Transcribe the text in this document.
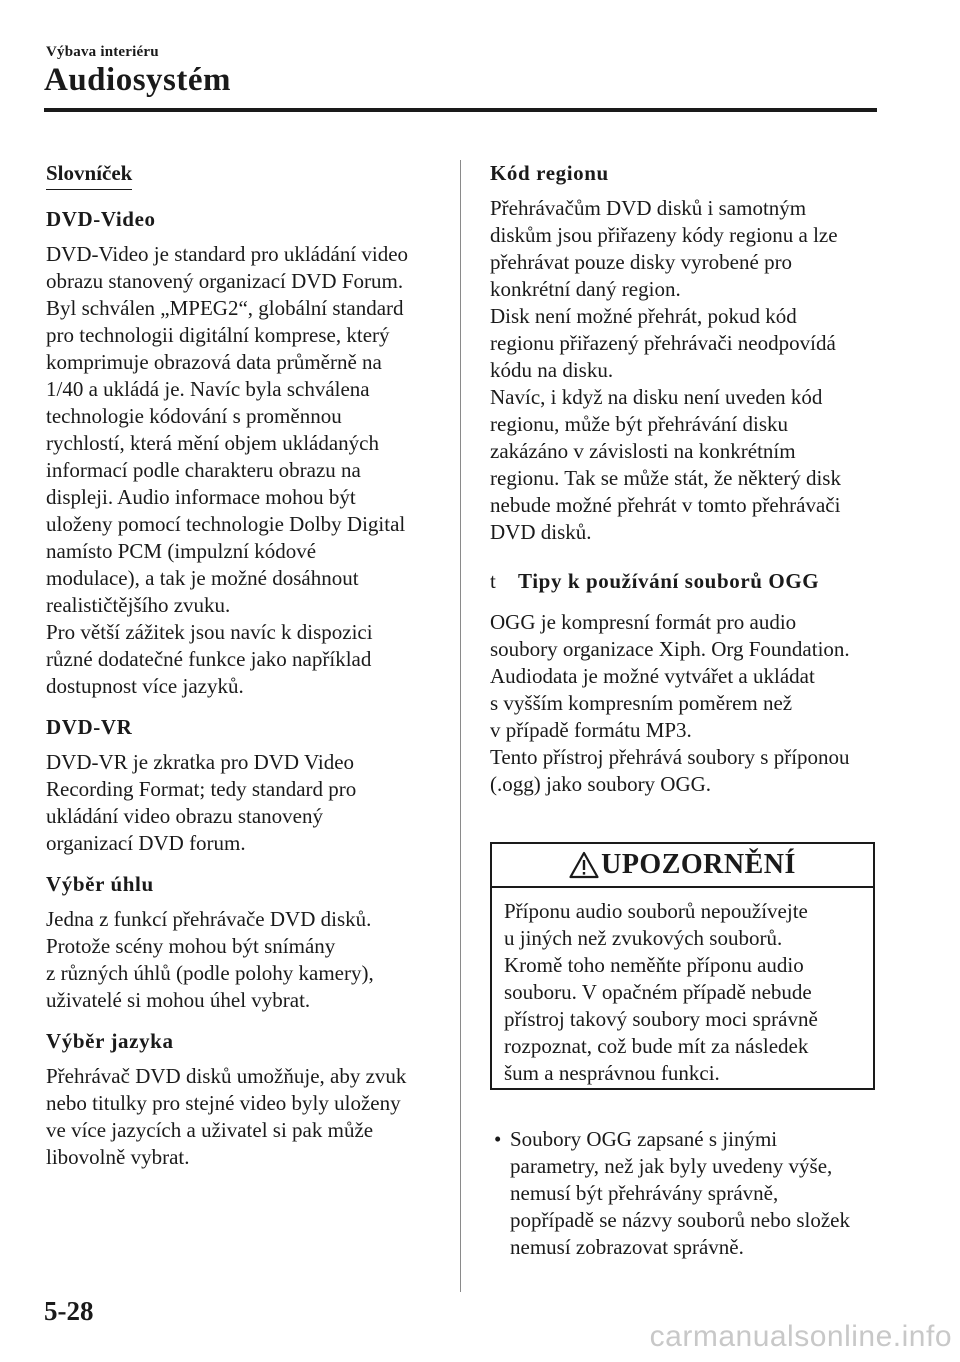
Výbava interiéru
Audiosystém
Slovníček

DVD-Video

DVD-Video je standard pro ukládání video

obrazu stanovený organizací DVD Forum.

Byl schválen „MPEG2“, globální standard

pro technologii digitální komprese, který

komprimuje obrazová data průměrně na

1/40 a ukládá je. Navíc byla schválena

technologie kódování s proměnnou

rychlostí, která mění objem ukládaných

informací podle charakteru obrazu na

displeji. Audio informace mohou být

uloženy pomocí technologie Dolby Digital

namísto PCM (impulzní kódové

modulace), a tak je možné dosáhnout

realističtějšího zvuku.

Pro větší zážitek jsou navíc k dispozici

různé dodatečné funkce jako například

dostupnost více jazyků.

DVD-VR

DVD-VR je zkratka pro DVD Video

Recording Format; tedy standard pro

ukládání video obrazu stanovený

organizací DVD forum.

Výběr úhlu

Jedna z funkcí přehrávače DVD disků.

Protože scény mohou být snímány

z různých úhlů (podle polohy kamery),

uživatelé si mohou úhel vybrat.

Výběr jazyka

Přehrávač DVD disků umožňuje, aby zvuk

nebo titulky pro stejné video byly uloženy

ve více jazycích a uživatel si pak může

libovolně vybrat.

Kód regionu

Přehrávačům DVD disků i samotným

diskům jsou přiřazeny kódy regionu a lze

přehrávat pouze disky vyrobené pro

konkrétní daný region.

Disk není možné přehrát, pokud kód

regionu přiřazený přehrávači neodpovídá

kódu na disku.

Navíc, i když na disku není uveden kód

regionu, může být přehrávání disku

zakázáno v závislosti na konkrétním

regionu. Tak se může stát, že některý disk

nebude možné přehrát v tomto přehrávači

DVD disků.

t Tipy k používání souborů OGG

OGG je kompresní formát pro audio

soubory organizace Xiph. Org Foundation.

Audiodata je možné vytvářet a ukládat

s vyšším kompresním poměrem než

v případě formátu MP3.

Tento přístroj přehrává soubory s příponou

(.ogg) jako soubory OGG.

UPOZORNĚNÍ

Příponu audio souborů nepoužívejte

u jiných než zvukových souborů.

Kromě toho neměňte příponu audio

souboru. V opačném případě nebude

přístroj takový soubory moci správně

rozpoznat, což bude mít za následek

šum a nesprávnou funkci.

• Soubory OGG zapsané s jinými

parametry, než jak byly uvedeny výše,

nemusí být přehrávány správně,

popřípadě se názvy souborů nebo složek

nemusí zobrazovat správně.

5-28
carmanualsonline.info
